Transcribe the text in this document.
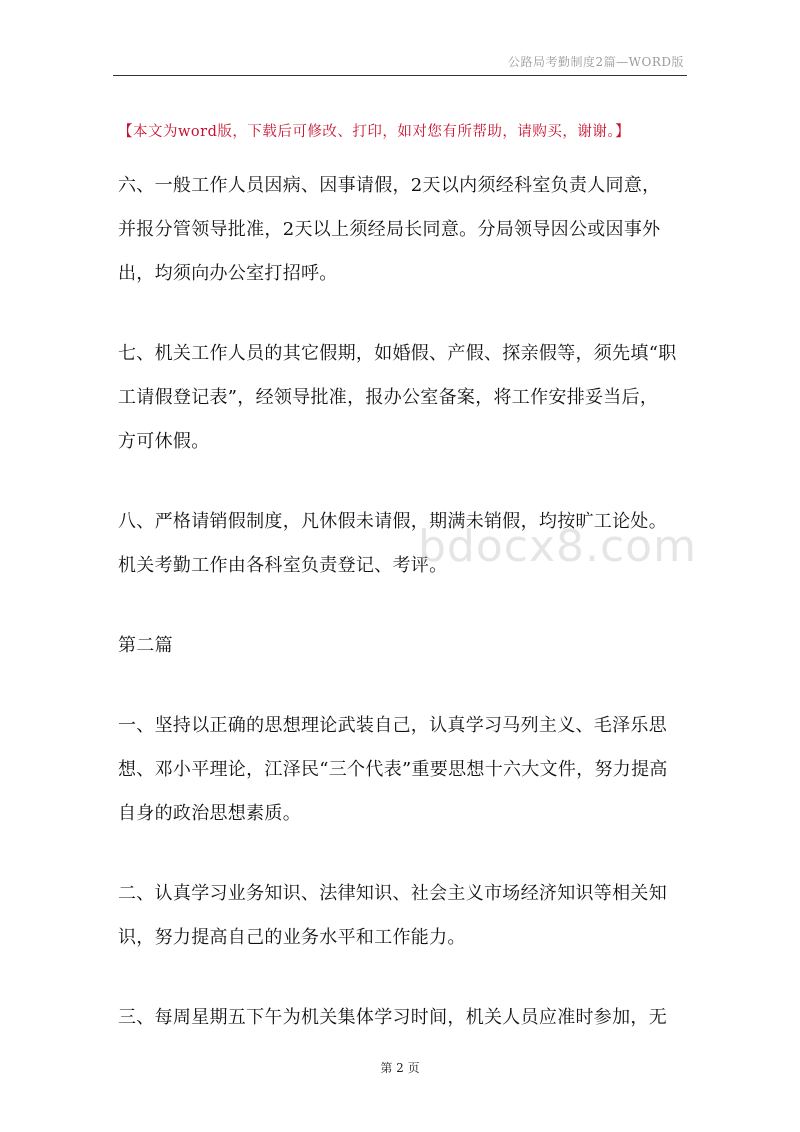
公路局考勤制度2篇—WORD版
【本文为word版，下载后可修改、打印，如对您有所帮助，请购买，谢谢。】

六、一般工作人员因病、因事请假，2天以内须经科室负责人同意，
并报分管领导批准，2天以上须经局长同意。分局领导因公或因事外
出，均须向办公室打招呼。

七、机关工作人员的其它假期，如婚假、产假、探亲假等，须先填“职
工请假登记表”，经领导批准，报办公室备案，将工作安排妥当后，
方可休假。

八、严格请销假制度，凡休假未请假，期满未销假，均按旷工论处。
机关考勤工作由各科室负责登记、考评。

第二篇

一、坚持以正确的思想理论武装自己，认真学习马列主义、毛泽乐思
想、邓小平理论，江泽民“三个代表”重要思想十六大文件，努力提高
自身的政治思想素质。

二、认真学习业务知识、法律知识、社会主义市场经济知识等相关知
识，努力提高自己的业务水平和工作能力。

三、每周星期五下午为机关集体学习时间，机关人员应准时参加，无

bdocx8.com
第 2 页
